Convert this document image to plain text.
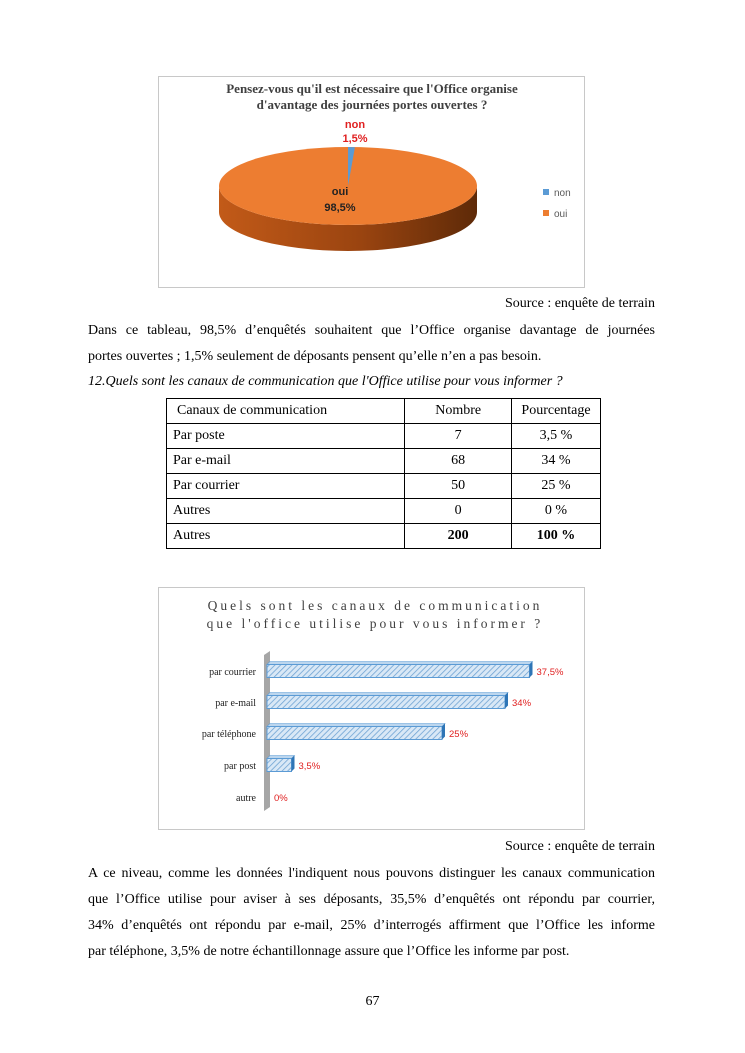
Pensez-vous qu'il est nécessaire que l'Office organise
d'avantage des journées portes ouvertes ?
non
1,5%
oui
98,5%
non
oui
Source : enquête de terrain
Dans ce tableau, 98,5% d’enquêtés souhaitent que l’Office organise davantage de journées
portes ouvertes ; 1,5% seulement de déposants pensent qu’elle n’en a pas besoin.
12.Quels sont les canaux de communication que l'Office utilise pour vous informer ?
Canaux de communication	Nombre	Pourcentage
Par poste	7	3,5 %
Par e-mail	68	34 %
Par courrier	50	25 %
Autres	0	0 %
Autres	200	100 %
Quels sont les canaux de communication
que l'office utilise pour vous informer ?
par courrier	37,5%
par e-mail	34%
par téléphone	25%
par post	3,5%
autre 0%
Source : enquête de terrain
A ce niveau, comme les données l'indiquent nous pouvons distinguer les canaux communication
que l’Office utilise pour aviser à ses déposants, 35,5% d’enquêtés ont répondu par courrier,
34% d’enquêtés ont répondu par e-mail, 25% d’interrogés affirment que l’Office les informe
par téléphone, 3,5% de notre échantillonnage assure que l’Office les informe par post.
67
